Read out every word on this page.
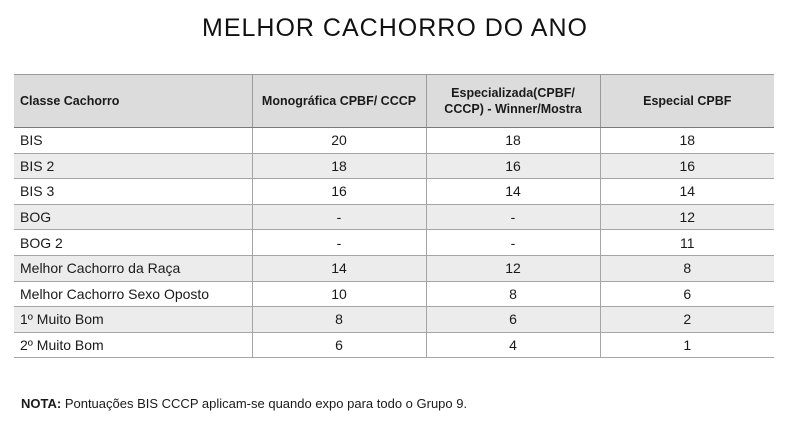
MELHOR CACHORRO DO ANO
Classe Cachorro	Monográfica CPBF/ CCCP	Especializada(CPBF/ CCCP) - Winner/Mostra	Especial CPBF
BIS	20	18	18
BIS 2	18	16	16
BIS 3	16	14	14
BOG	-	-	12
BOG 2	-	-	11
Melhor Cachorro da Raça	14	12	8
Melhor Cachorro Sexo Oposto	10	8	6
1º Muito Bom	8	6	2
2º Muito Bom	6	4	1
NOTA: Pontuações BIS CCCP aplicam-se quando expo para todo o Grupo 9.
